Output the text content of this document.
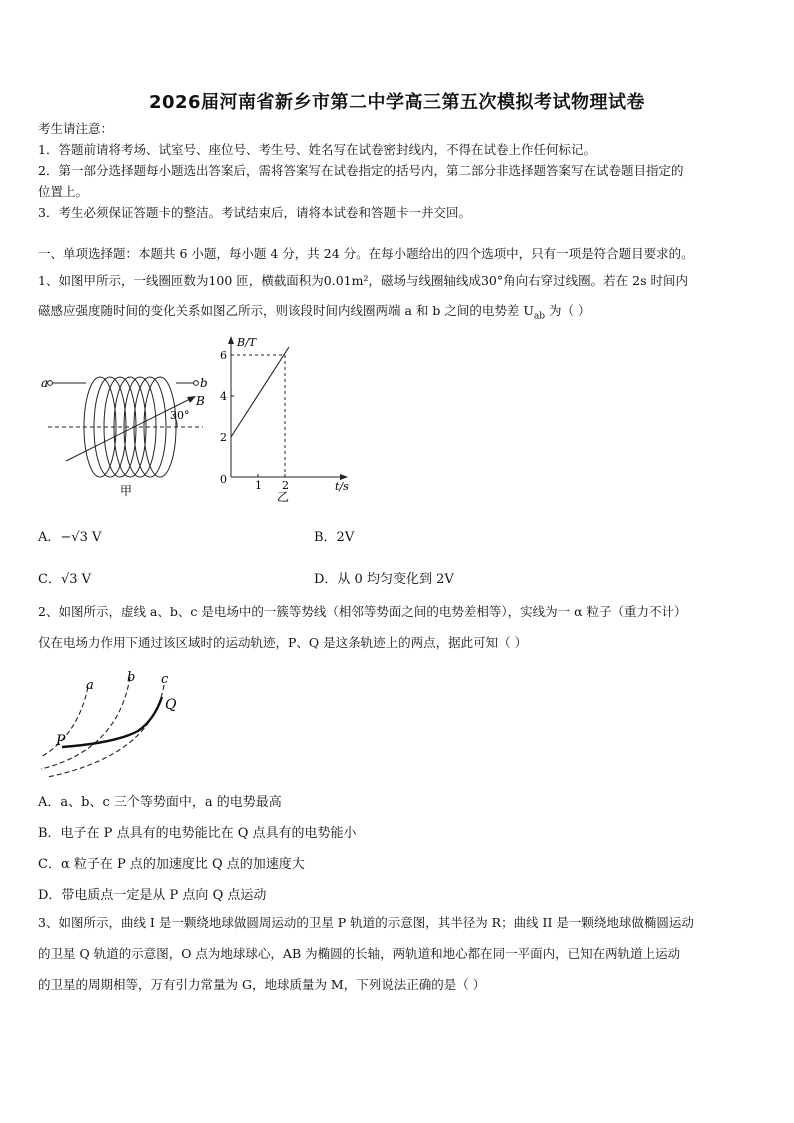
2026届河南省新乡市第二中学高三第五次模拟考试物理试卷
考生请注意：
1．答题前请将考场、试室号、座位号、考生号、姓名写在试卷密封线内，不得在试卷上作任何标记。
2．第一部分选择题每小题选出答案后，需将答案写在试卷指定的括号内，第二部分非选择题答案写在试卷题目指定的
位置上。
3．考生必须保证答题卡的整洁。考试结束后，请将本试卷和答题卡一并交回。
一、单项选择题：本题共 6 小题，每小题 4 分，共 24 分。在每小题给出的四个选项中，只有一项是符合题目要求的。
1、如图甲所示，一线圈匝数为100 匝，横截面积为0.01m²，磁场与线圈轴线成30°角向右穿过线圈。若在 2s 时间内
磁感应强度随时间的变化关系如图乙所示，则该段时间内线圈两端 a 和 b 之间的电势差 $U_{ab}$ 为（ ）
a	b
B
30°
甲
B/T
2
4
6
0	1 2	t/s
乙
A．−√3 V	B．2V
C．√3 V	D．从 0 均匀变化到 2V
2、如图所示，虚线 a、b、c 是电场中的一簇等势线（相邻等势面之间的电势差相等），实线为一 α 粒子（重力不计）
仅在电场力作用下通过该区域时的运动轨迹，P、Q 是这条轨迹上的两点，据此可知（ ）
a
b c
P
Q
A．a、b、c 三个等势面中，a 的电势最高
B．电子在 P 点具有的电势能比在 Q 点具有的电势能小
C．α 粒子在 P 点的加速度比 Q 点的加速度大
D．带电质点一定是从 P 点向 Q 点运动
3、如图所示，曲线 I 是一颗绕地球做圆周运动的卫星 P 轨道的示意图，其半径为 R；曲线 II 是一颗绕地球做椭圆运动
的卫星 Q 轨道的示意图，O 点为地球球心，AB 为椭圆的长轴，两轨道和地心都在同一平面内，已知在两轨道上运动
的卫星的周期相等，万有引力常量为 G，地球质量为 M，下列说法正确的是（ ）
